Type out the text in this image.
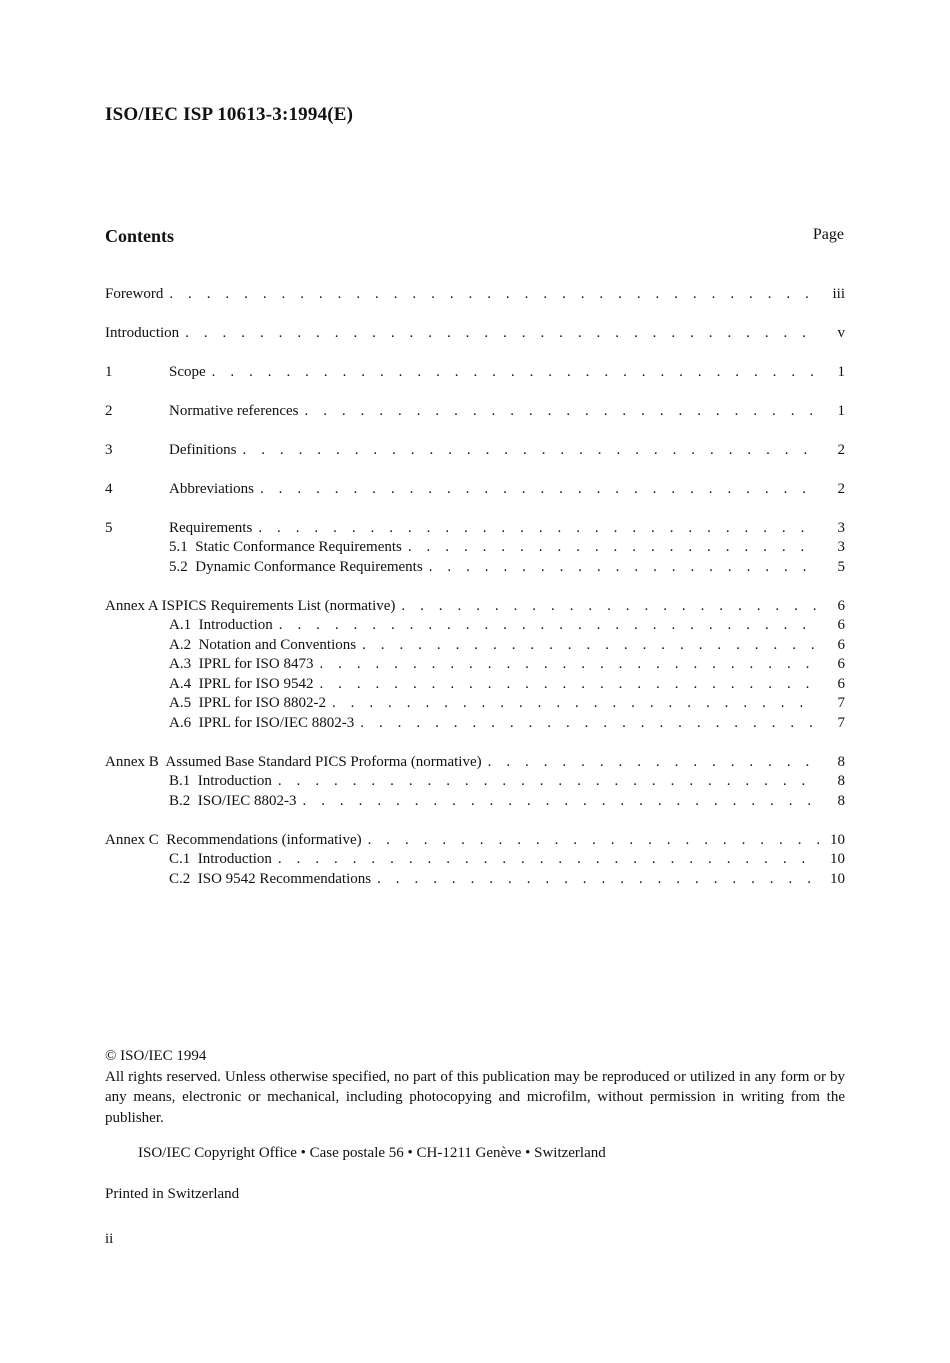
ISO/IEC ISP 10613-3:1994(E)
Contents	Page
Foreword . . .	iii
Introduction . . .	v
1	Scope . . .	1
2	Normative references . . .	1
3	Definitions . . .	2
4	Abbreviations . . .	2
5	Requirements . . .	3
5.1 Static Conformance Requirements . . .	3
5.2 Dynamic Conformance Requirements . . .	5
Annex A ISPICS Requirements List (normative) . . .	6
A.1 Introduction . . .	6
A.2 Notation and Conventions . . .	6
A.3 IPRL for ISO 8473 . . .	6
A.4 IPRL for ISO 9542 . . .	6
A.5 IPRL for ISO 8802-2 . . .	7
A.6 IPRL for ISO/IEC 8802-3 . . .	7
Annex B  Assumed Base Standard PICS Proforma (normative) . . .	8
B.1 Introduction . . .	8
B.2 ISO/IEC 8802-3 . . .	8
Annex C  Recommendations (informative) . . .	10
C.1 Introduction . . .	10
C.2 ISO 9542 Recommendations . . .	10
© ISO/IEC 1994
All rights reserved. Unless otherwise specified, no part of this publication may be reproduced or utilized in any form or by any means, electronic or mechanical, including photocopying and microfilm, without permission in writing from the publisher.
ISO/IEC Copyright Office • Case postale 56 • CH-1211 Genève • Switzerland
Printed in Switzerland
ii
